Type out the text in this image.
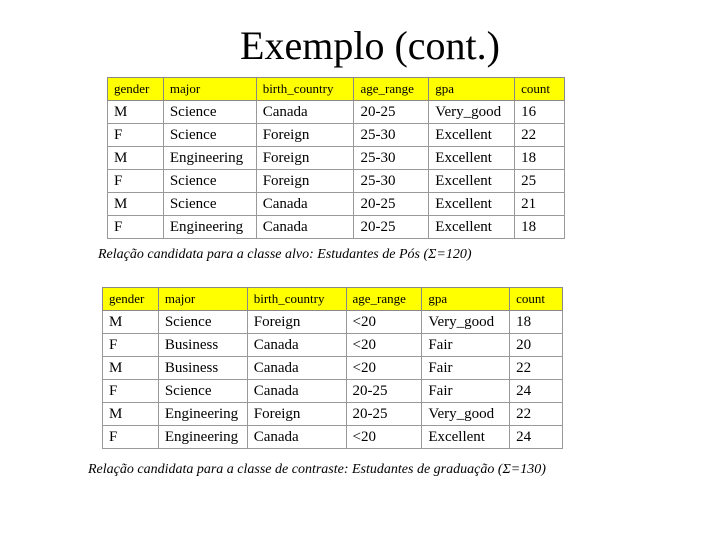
Exemplo (cont.)
gender	major	birth_country	age_range	gpa	count
M	Science	Canada	20-25	Very_good	16
F	Science	Foreign	25-30	Excellent	22
M	Engineering	Foreign	25-30	Excellent	18
F	Science	Foreign	25-30	Excellent	25
M	Science	Canada	20-25	Excellent	21
F	Engineering	Canada	20-25	Excellent	18
Relação candidata para a classe alvo: Estudantes de Pós (Σ=120)
gender	major	birth_country	age_range	gpa	count
M	Science	Foreign	<20	Very_good	18
F	Business	Canada	<20	Fair	20
M	Business	Canada	<20	Fair	22
F	Science	Canada	20-25	Fair	24
M	Engineering	Foreign	20-25	Very_good	22
F	Engineering	Canada	<20	Excellent	24
Relação candidata para a classe de contraste: Estudantes de graduação (Σ=130)
